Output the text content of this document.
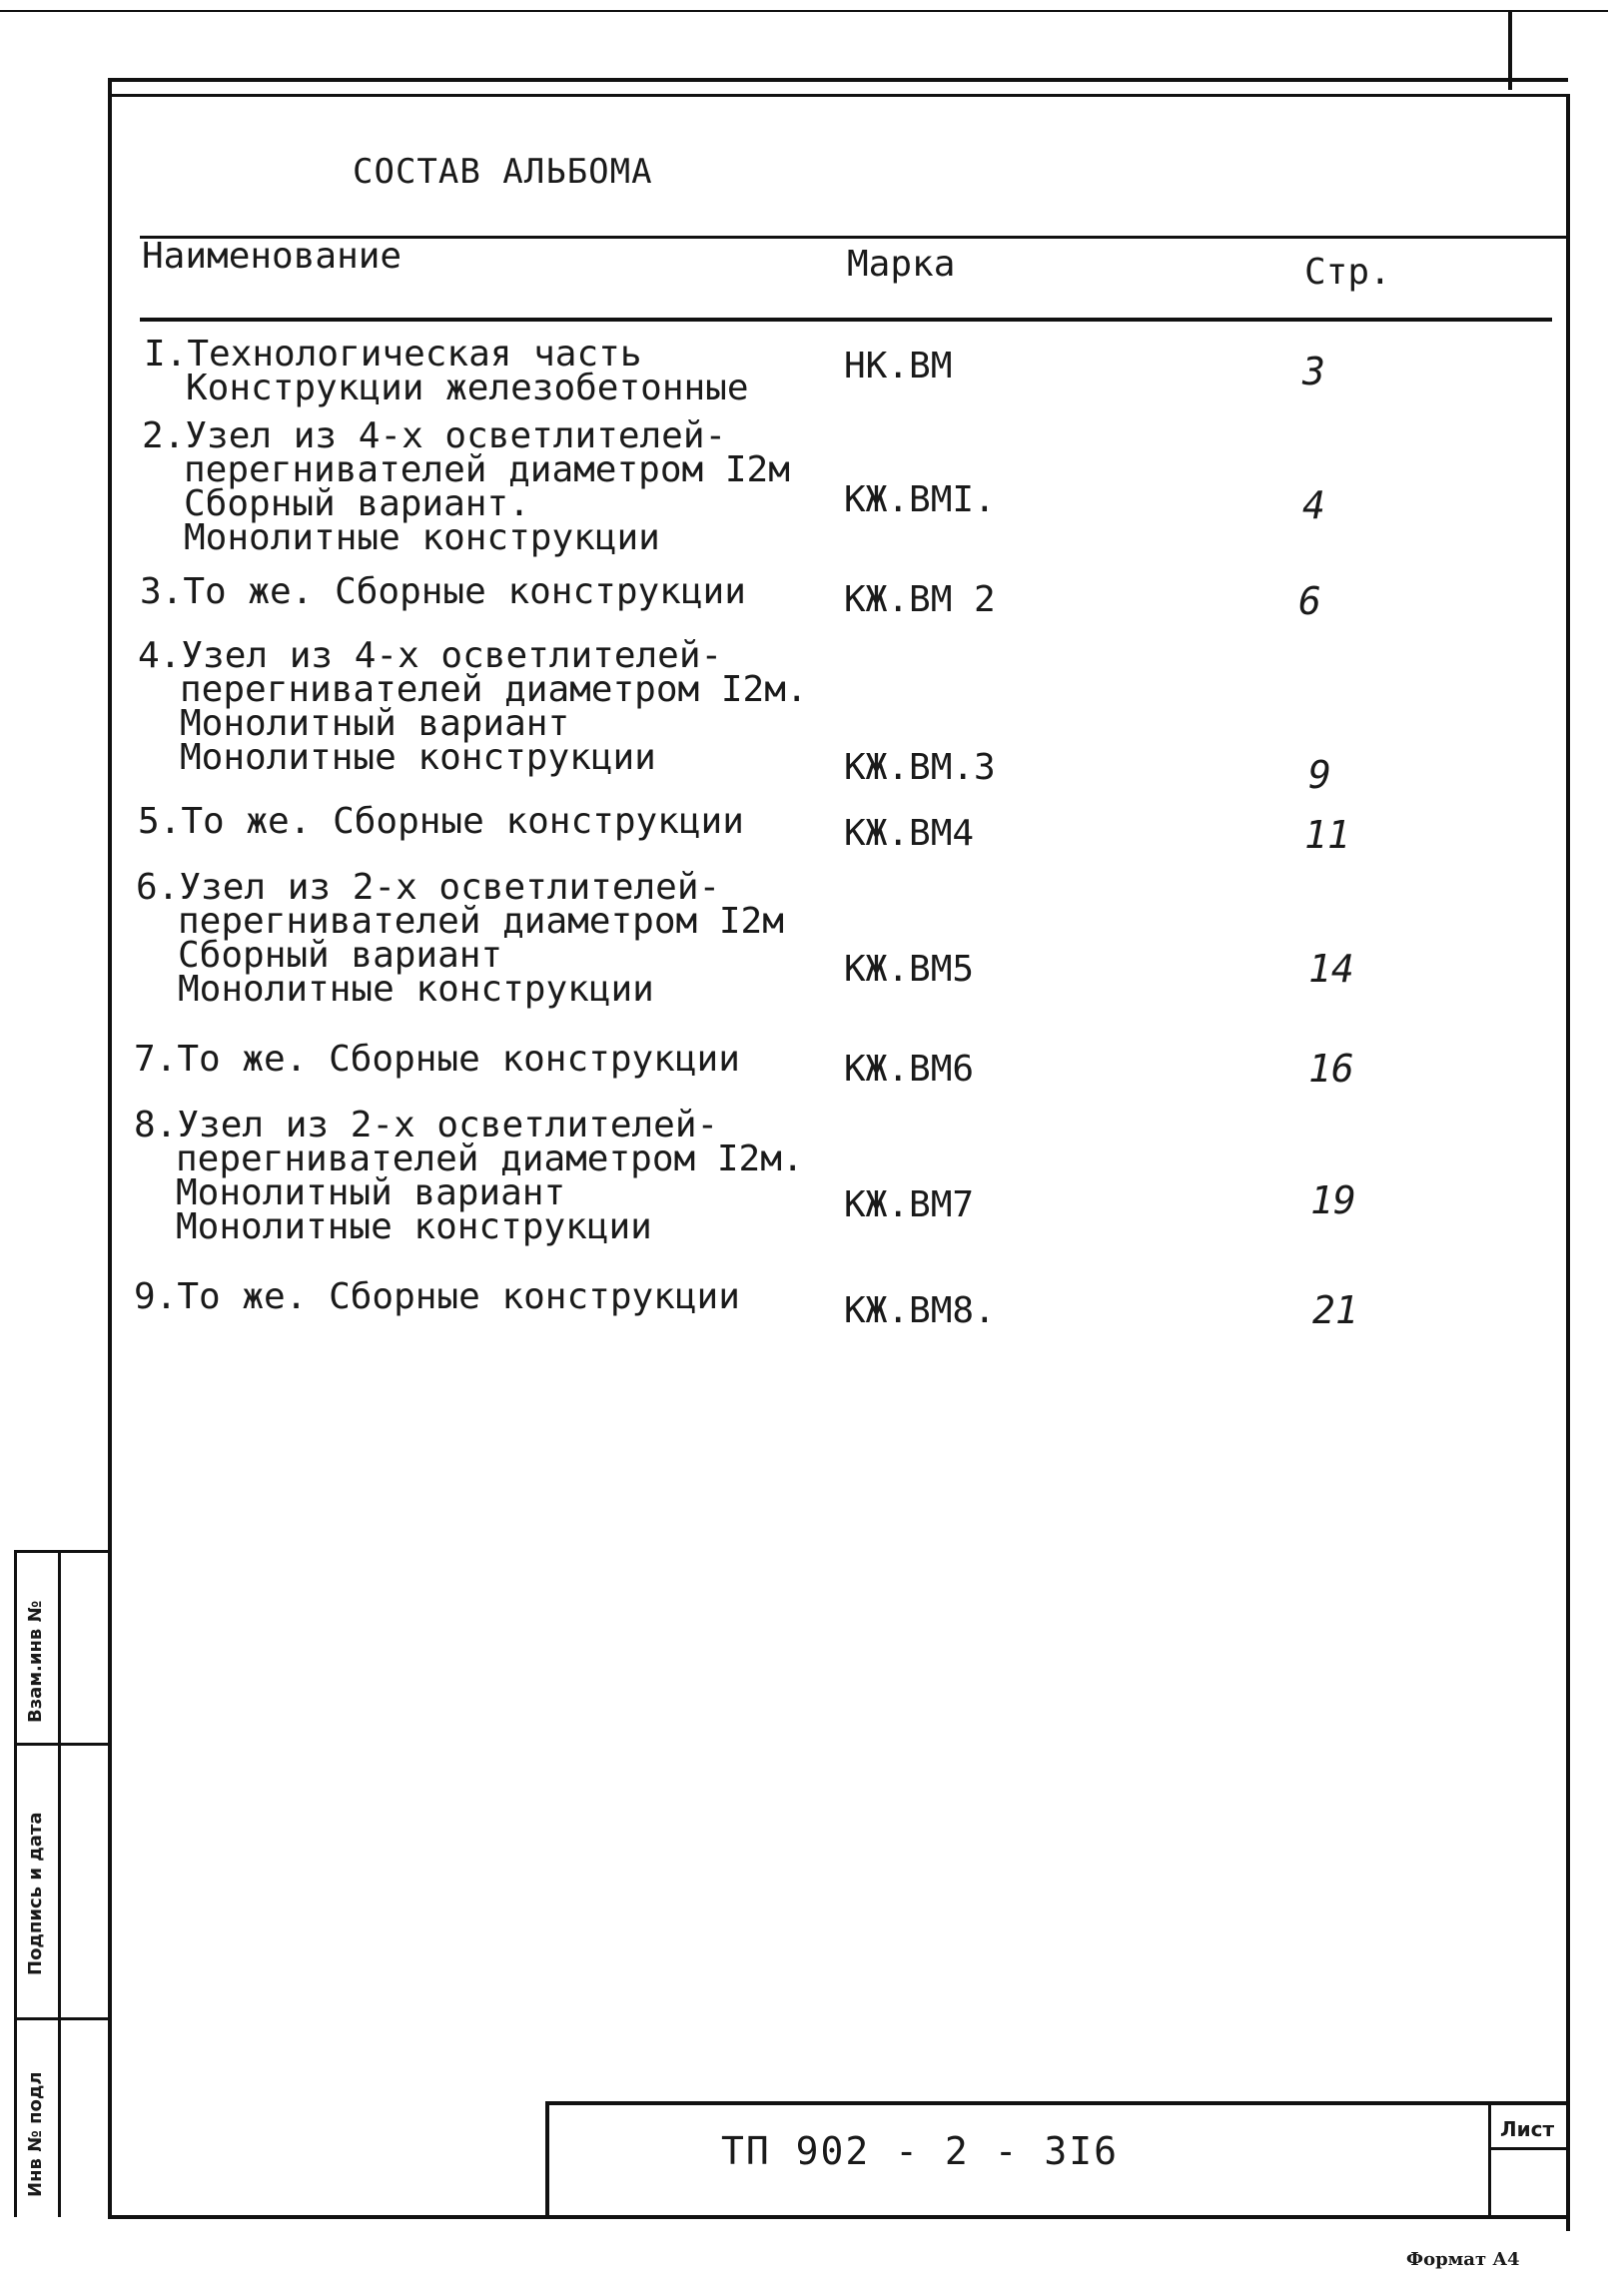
СОСТАВ АЛЬБОМА
Наименование	Марка	Стр.
I.Технологическая часть
Конструкции железобетонные
НК.ВМ	3
2.Узел из 4-х осветлителей-
перегнивателей диаметром I2м
Сборный вариант.
Монолитные конструкции
КЖ.ВМI.	4
3.То же. Сборные конструкции	КЖ.ВМ 2	6
4.Узел из 4-х осветлителей-
перегнивателей диаметром I2м.
Монолитный вариант
Монолитные конструкции	КЖ.ВМ.3	9
5.То же. Сборные конструкции	КЖ.ВМ4	11
6.Узел из 2-х осветлителей-
перегнивателей диаметром I2м
Сборный вариант
Монолитные конструкции	КЖ.ВМ5	14
7.То же. Сборные конструкции	КЖ.ВМ6	16
8.Узел из 2-х осветлителей-
перегнивателей диаметром I2м.
Монолитный вариант
Монолитные конструкции
КЖ.ВМ7	19
9.То же. Сборные конструкции	КЖ.ВМ8.	21
Взам.инв №
Подпись и дата
Инв № подл	ТП 902 - 2 - 3I6	Лист
Формат А4
